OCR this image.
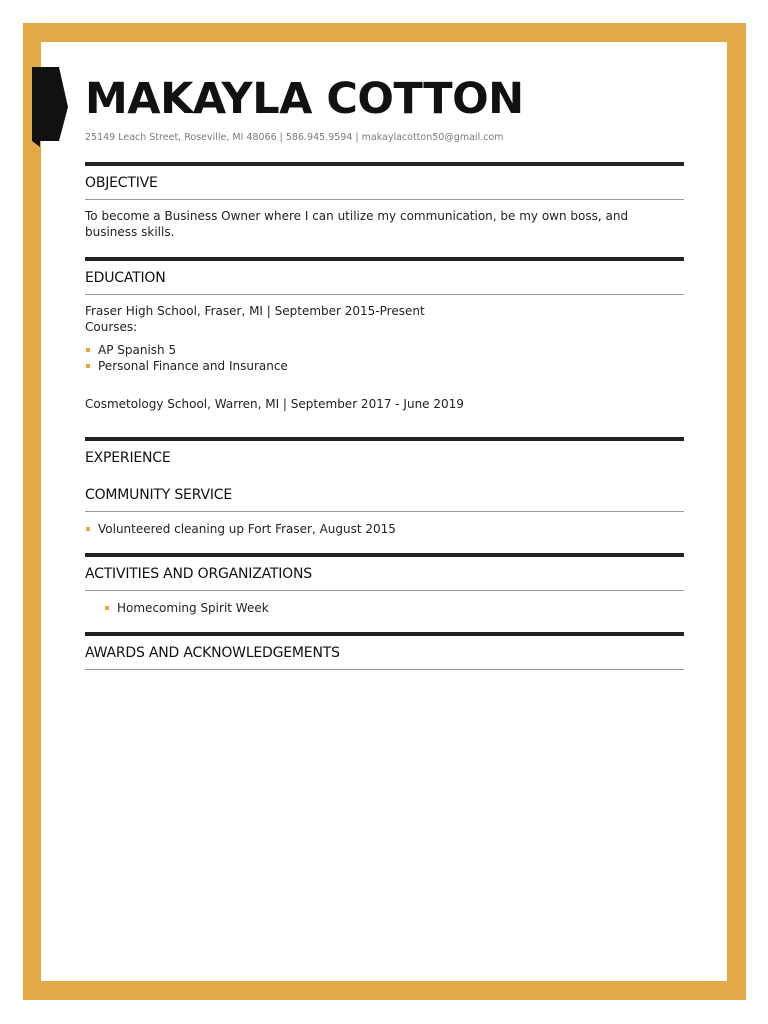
MAKAYLA COTTON
25149 Leach Street, Roseville, MI 48066 | 586.945.9594 | makaylacotton50@gmail.com
OBJECTIVE
To become a Business Owner where I can utilize my communication, be my own boss, and business skills.
EDUCATION
Fraser High School, Fraser, MI | September 2015-Present
Courses:
AP Spanish 5
Personal Finance and Insurance
Cosmetology School, Warren, MI | September 2017 - June 2019
EXPERIENCE
COMMUNITY SERVICE
Volunteered cleaning up Fort Fraser, August 2015
ACTIVITIES AND ORGANIZATIONS
Homecoming Spirit Week
AWARDS AND ACKNOWLEDGEMENTS
